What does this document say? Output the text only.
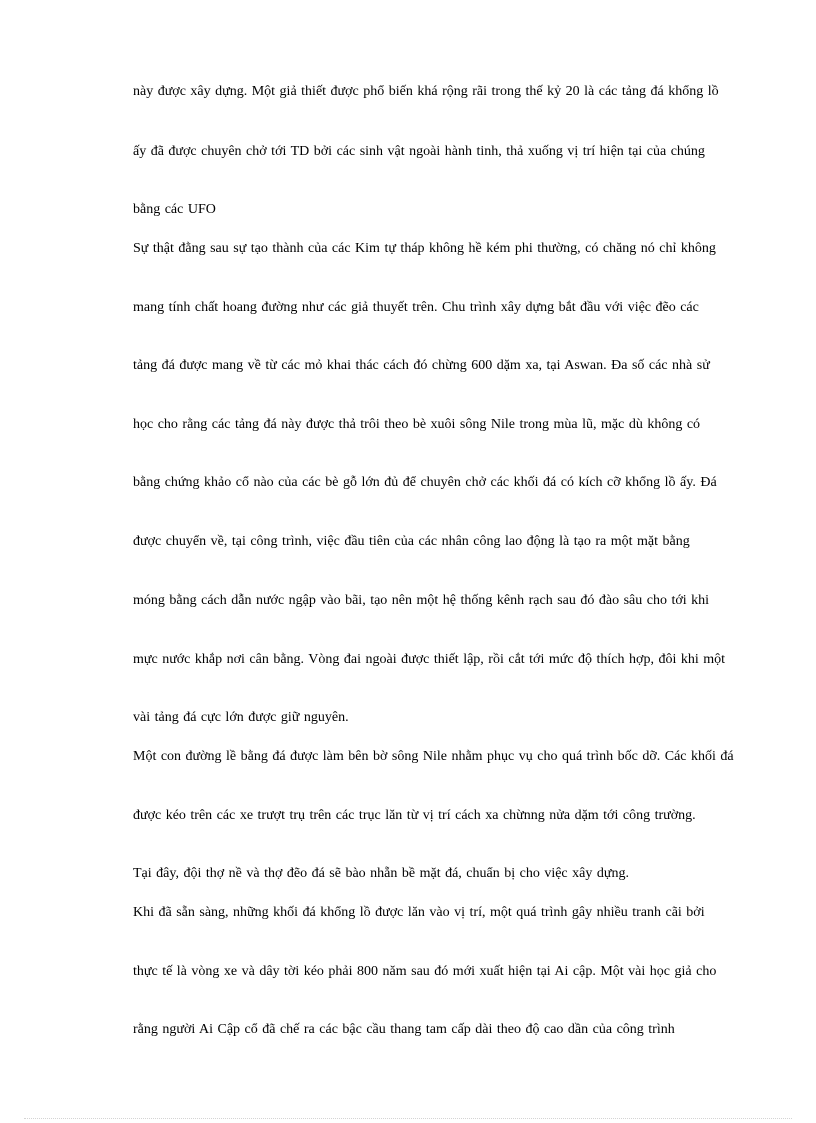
này được xây dựng. Một giả thiết được phổ biến khá rộng rãi trong thế kỷ 20 là các tảng đá khổng lồ

ấy đã được chuyên chở tới TD bởi các sinh vật ngoài hành tinh, thả xuống vị trí hiện tại của chúng

bằng các UFO

Sự thật đằng sau sự tạo thành của các Kim tự tháp không hề kém phi thường, có chăng nó chỉ không

mang tính chất hoang đường như các giả thuyết trên. Chu trình xây dựng bắt đầu với việc đẽo các

tảng đá được mang về từ các mỏ khai thác cách đó chừng 600 dặm xa, tại Aswan. Đa số các nhà sử

học cho rằng các tảng đá này được thả trôi theo bè xuôi sông Nile trong mùa lũ, mặc dù không có

bằng chứng khảo cổ nào của các bè gỗ lớn đủ để chuyên chở các khối đá có kích cỡ khổng lồ ấy. Đá

được chuyển về, tại công trình, việc đầu tiên của các nhân công lao động là tạo ra một mặt bằng

móng bằng cách dẫn nước ngập vào bãi, tạo nên một hệ thống kênh rạch sau đó đào sâu cho tới khi

mực nước khắp nơi cân bằng. Vòng đai ngoài được thiết lập, rồi cắt tới mức độ thích hợp, đôi khi một

vài tảng đá cực lớn được giữ nguyên.

Một con đường lề bằng đá được làm bên bờ sông Nile nhằm phục vụ cho quá trình bốc dỡ. Các khối đá

được kéo trên các xe trượt trụ trên các trục lăn từ vị trí cách xa chừnng nửa dặm tới công trường.

Tại đây, đội thợ nề và thợ đẽo đá sẽ bào nhẵn bề mặt đá, chuẩn bị cho việc xây dựng.

Khi đã sẵn sàng, những khối đá khổng lồ được lăn vào vị trí, một quá trình gây nhiều tranh cãi bởi

thực tế là vòng xe và dây tời kéo phải 800 năm sau đó mới xuất hiện tại Ai cập. Một vài học giả cho

rằng người Ai Cập cổ đã chế ra các bậc cầu thang tam cấp dài theo độ cao dần của công trình
